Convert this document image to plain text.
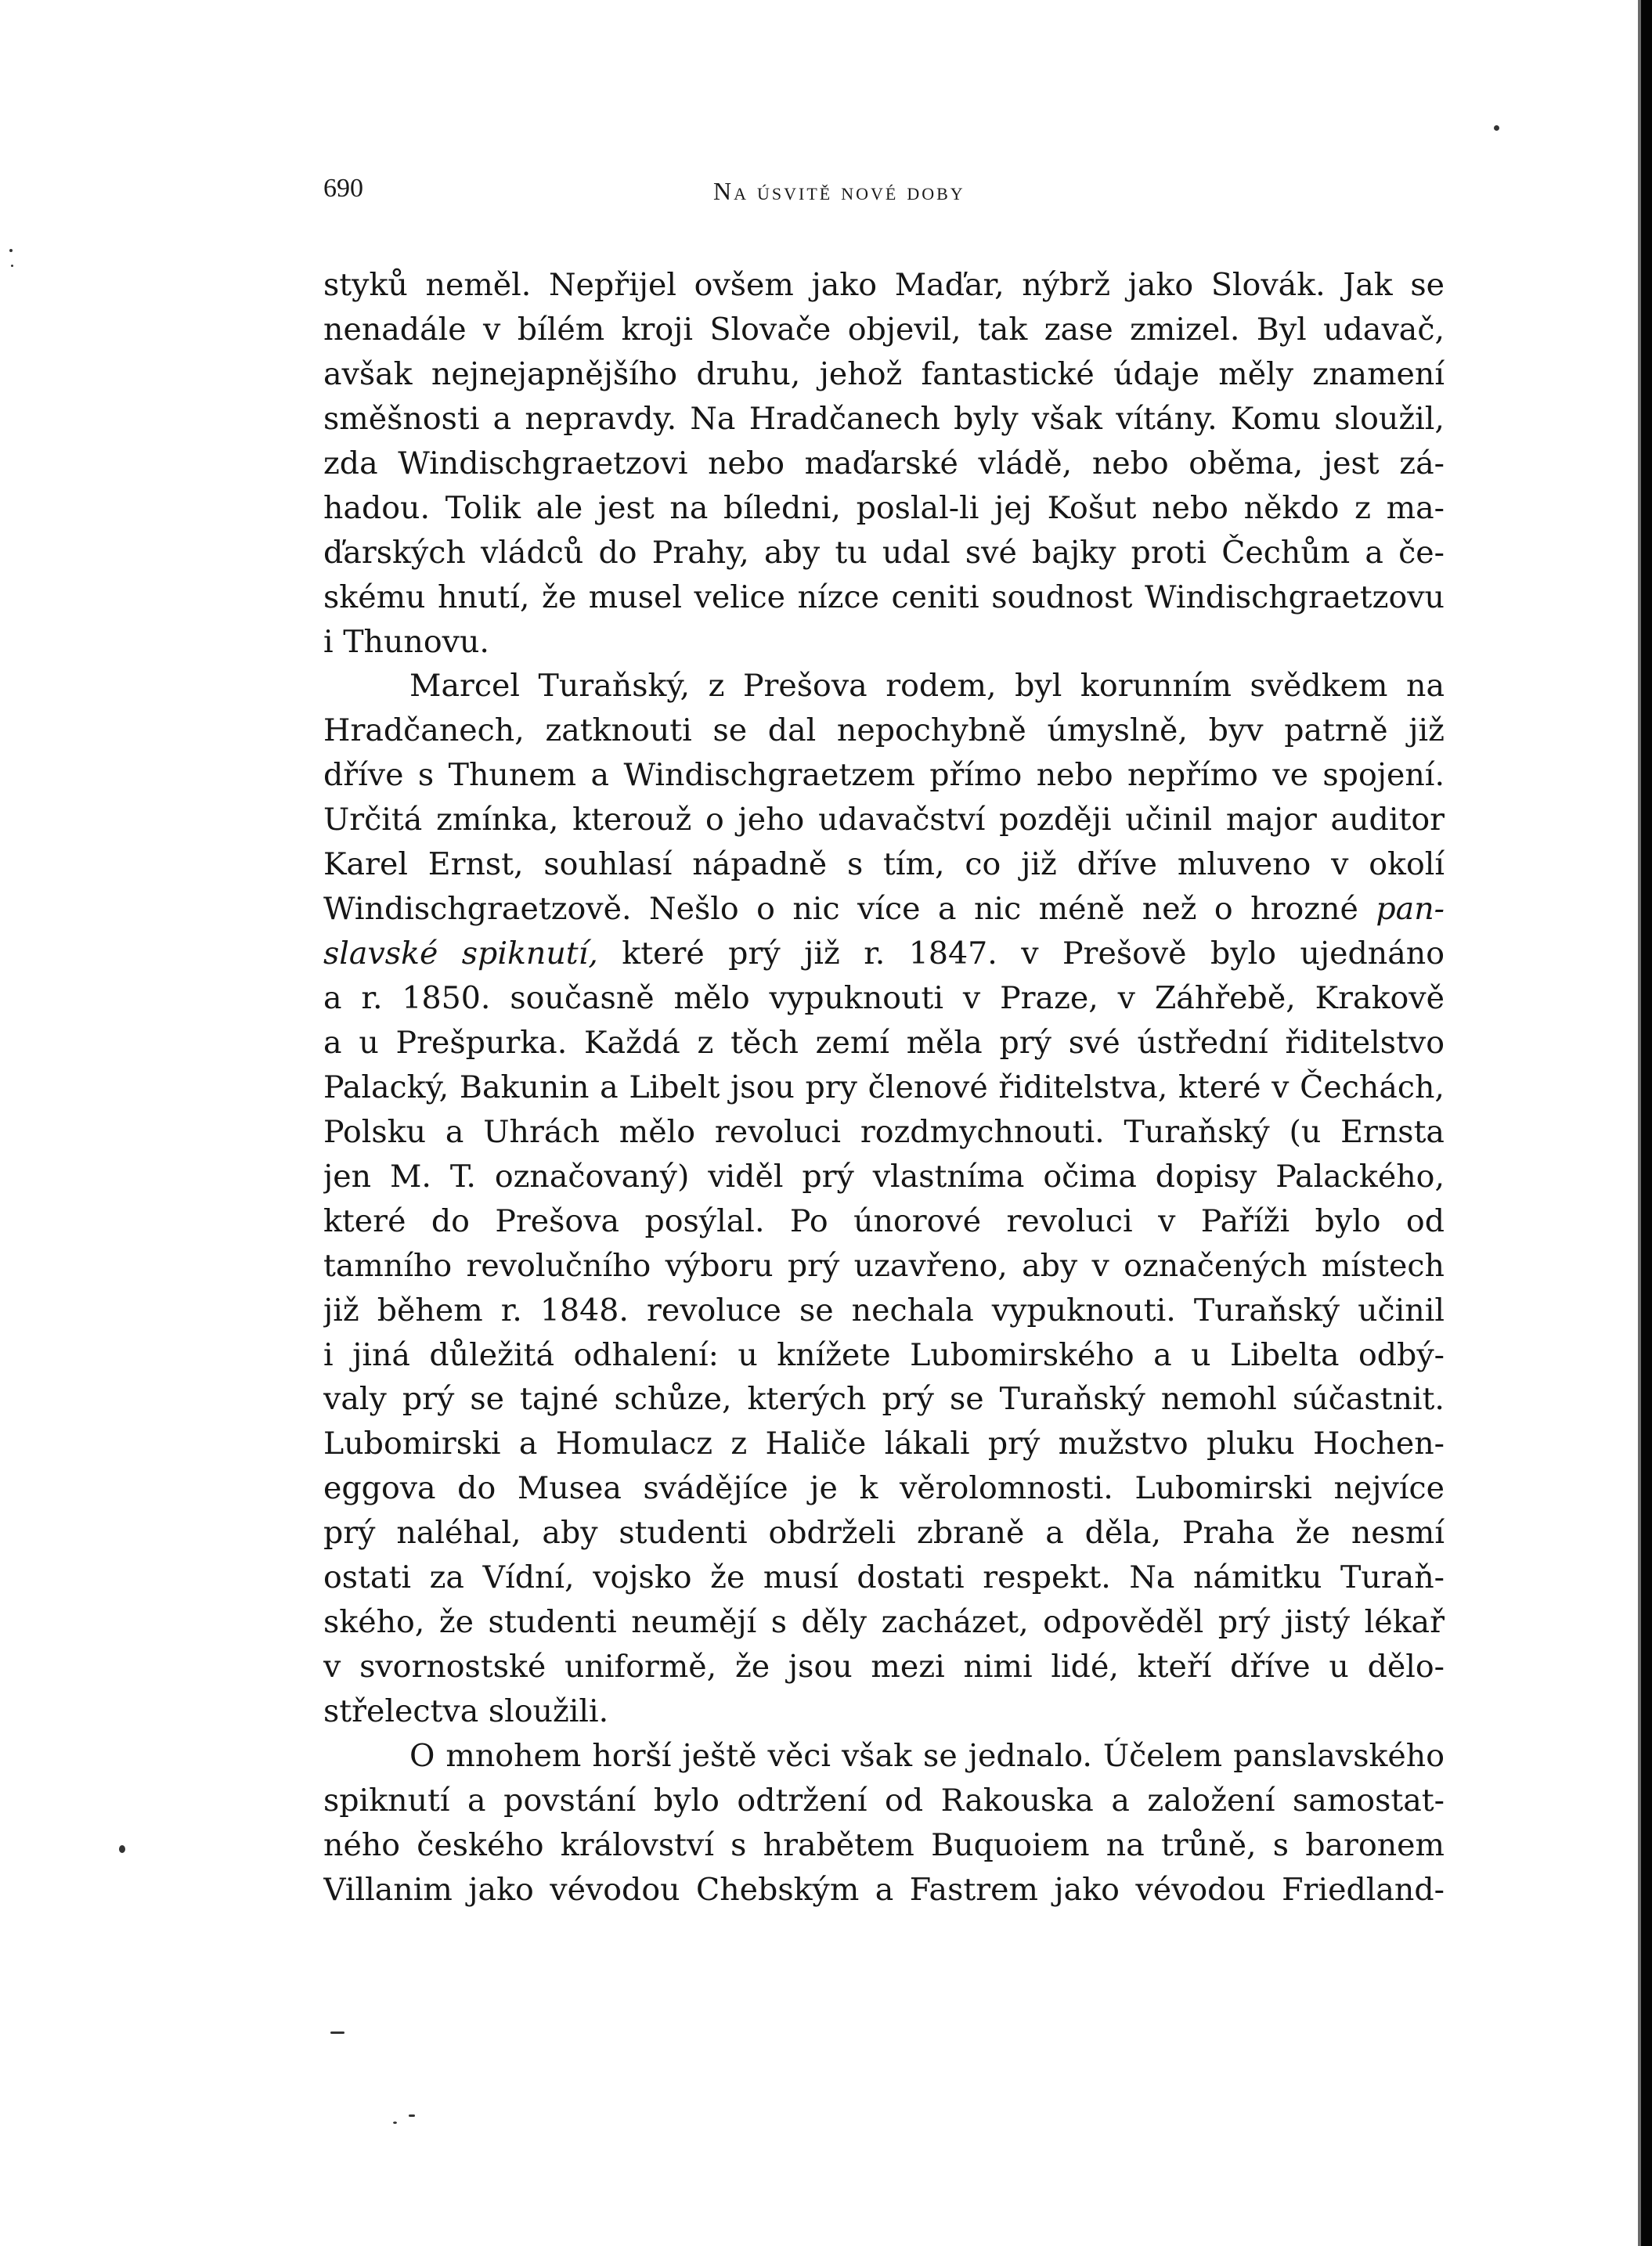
690	Na úsvitě nové doby
styků neměl. Nepřijel ovšem jako Maďar, nýbrž jako Slovák. Jak se
nenadále v bílém kroji Slovače objevil, tak zase zmizel. Byl udavač,
avšak nejnejapnějšího druhu, jehož fantastické údaje měly znamení
směšnosti a nepravdy. Na Hradčanech byly však vítány. Komu sloužil,
zda Windischgraetzovi nebo maďarské vládě, nebo oběma, jest zá-
hadou. Tolik ale jest na bíledni, poslal-li jej Košut nebo někdo z ma-
ďarských vládců do Prahy, aby tu udal své bajky proti Čechům a če-
skému hnutí, že musel velice nízce ceniti soudnost Windischgraetzovu
i Thunovu.
Marcel Turaňský, z Prešova rodem, byl korunním svědkem na
Hradčanech, zatknouti se dal nepochybně úmyslně, byv patrně již
dříve s Thunem a Windischgraetzem přímo nebo nepřímo ve spojení.
Určitá zmínka, kterouž o jeho udavačství později učinil major auditor
Karel Ernst, souhlasí nápadně s tím, co již dříve mluveno v okolí
Windischgraetzově. Nešlo o nic více a nic méně než o hrozné pan-
slavské spiknutí, které prý již r. 1847. v Prešově bylo ujednáno
a r. 1850. současně mělo vypuknouti v Praze, v Záhřebě, Krakově
a u Prešpurka. Každá z těch zemí měla prý své ústřední řiditelstvo
Palacký, Bakunin a Libelt jsou pry členové řiditelstva, které v Čechách,
Polsku a Uhrách mělo revoluci rozdmychnouti. Turaňský (u Ernsta
jen M. T. označovaný) viděl prý vlastníma očima dopisy Palackého,
které do Prešova posýlal. Po únorové revoluci v Paříži bylo od
tamního revolučního výboru prý uzavřeno, aby v označených místech
již během r. 1848. revoluce se nechala vypuknouti. Turaňský učinil
i jiná důležitá odhalení: u knížete Lubomirského a u Libelta odbý-
valy prý se tajné schůze, kterých prý se Turaňský nemohl súčastnit.
Lubomirski a Homulacz z Haliče lákali prý mužstvo pluku Hochen-
eggova do Musea svádějíce je k věrolomnosti. Lubomirski nejvíce
prý naléhal, aby studenti obdrželi zbraně a děla, Praha že nesmí
ostati za Vídní, vojsko že musí dostati respekt. Na námitku Turaň-
ského, že studenti neumějí s děly zacházet, odpověděl prý jistý lékař
v svornostské uniformě, že jsou mezi nimi lidé, kteří dříve u dělo-
střelectva sloužili.
O mnohem horší ještě věci však se jednalo. Účelem panslavského
spiknutí a povstání bylo odtržení od Rakouska a založení samostat-
ného českého království s hrabětem Buquoiem na trůně, s baronem
Villanim jako vévodou Chebským a Fastrem jako vévodou Friedland-
